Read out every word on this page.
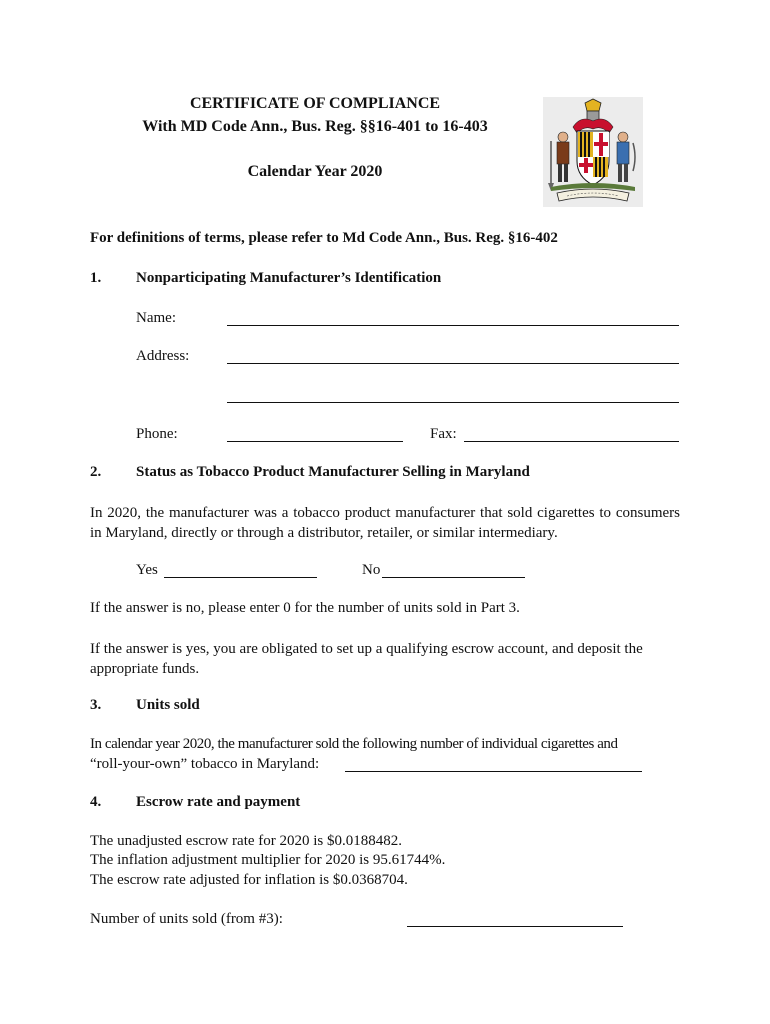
CERTIFICATE OF COMPLIANCE
With MD Code Ann., Bus. Reg. §§16-401 to 16-403
Calendar Year 2020
For definitions of terms, please refer to Md Code Ann., Bus. Reg. §16-402
1. Nonparticipating Manufacturer’s Identification
Name:
Address:
Phone:	Fax:
2. Status as Tobacco Product Manufacturer Selling in Maryland
In 2020, the manufacturer was a tobacco product manufacturer that sold cigarettes to consumers in Maryland, directly or through a distributor, retailer, or similar intermediary.
Yes	No
If the answer is no, please enter 0 for the number of units sold in Part 3.
If the answer is yes, you are obligated to set up a qualifying escrow account, and deposit the appropriate funds.
3. Units sold
In calendar year 2020, the manufacturer sold the following number of individual cigarettes and
“roll-your-own” tobacco in Maryland:
4. Escrow rate and payment
The unadjusted escrow rate for 2020 is $0.0188482.
The inflation adjustment multiplier for 2020 is 95.61744%.
The escrow rate adjusted for inflation is $0.0368704.
Number of units sold (from #3):
